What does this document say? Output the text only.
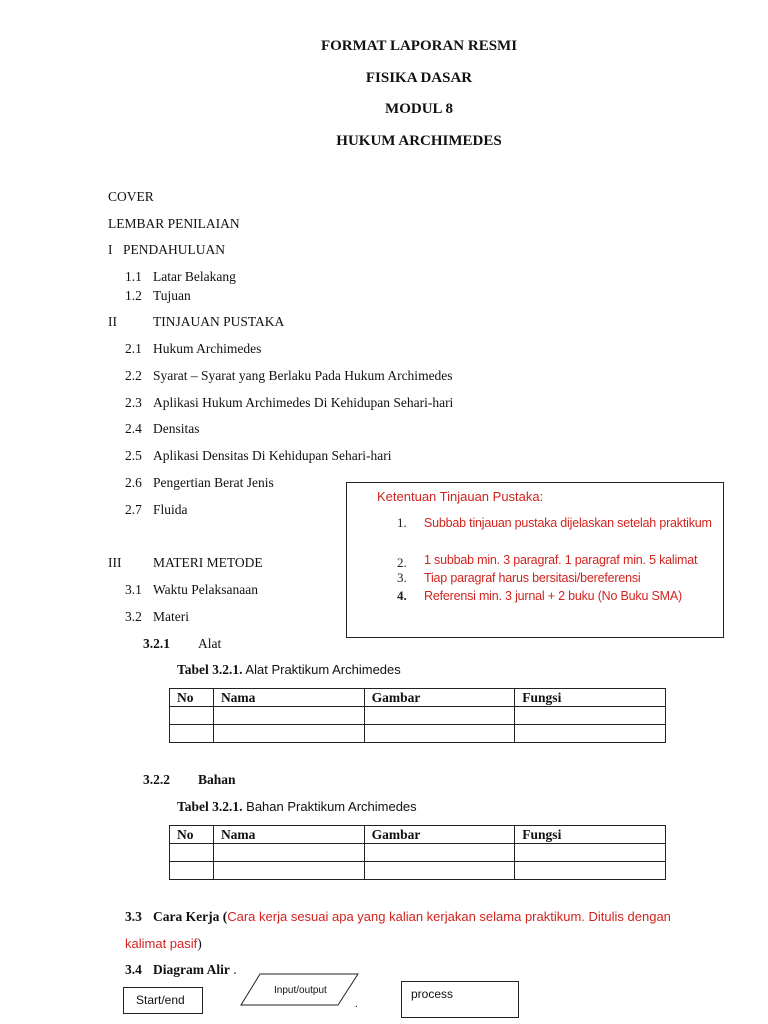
FORMAT LAPORAN RESMI
FISIKA DASAR
MODUL 8
HUKUM ARCHIMEDES
COVER
LEMBAR PENILAIAN
I PENDAHULUAN
1.1 Latar Belakang
1.2 Tujuan
II	TINJAUAN PUSTAKA
2.1 Hukum Archimedes
2.2 Syarat – Syarat yang Berlaku Pada Hukum Archimedes
2.3 Aplikasi Hukum Archimedes Di Kehidupan Sehari-hari
2.4 Densitas
2.5 Aplikasi Densitas Di Kehidupan Sehari-hari
2.6 Pengertian Berat Jenis
2.7 Fluida
III MATERI METODE
3.1 Waktu Pelaksanaan
3.2 Materi
3.2.1 Alat
Ketentuan Tinjauan Pustaka:
1. Subbab tinjauan pustaka dijelaskan setelah praktikum
2. 1 subbab min. 3 paragraf. 1 paragraf min. 5 kalimat
3. Tiap paragraf harus bersitasi/bereferensi
4. Referensi min. 3 jurnal + 2 buku (No Buku SMA)
Tabel 3.2.1. Alat Praktikum Archimedes
No	Nama	Gambar	Fungsi

3.2.2 Bahan
Tabel 3.2.1. Bahan Praktikum Archimedes
No	Nama	Gambar	Fungsi

3.3 Cara Kerja (Cara kerja sesuai apa yang kalian kerjakan selama praktikum. Ditulis dengan
kalimat pasif)
3.4 Diagram Alir .
Start/end
Input/output
.
process
